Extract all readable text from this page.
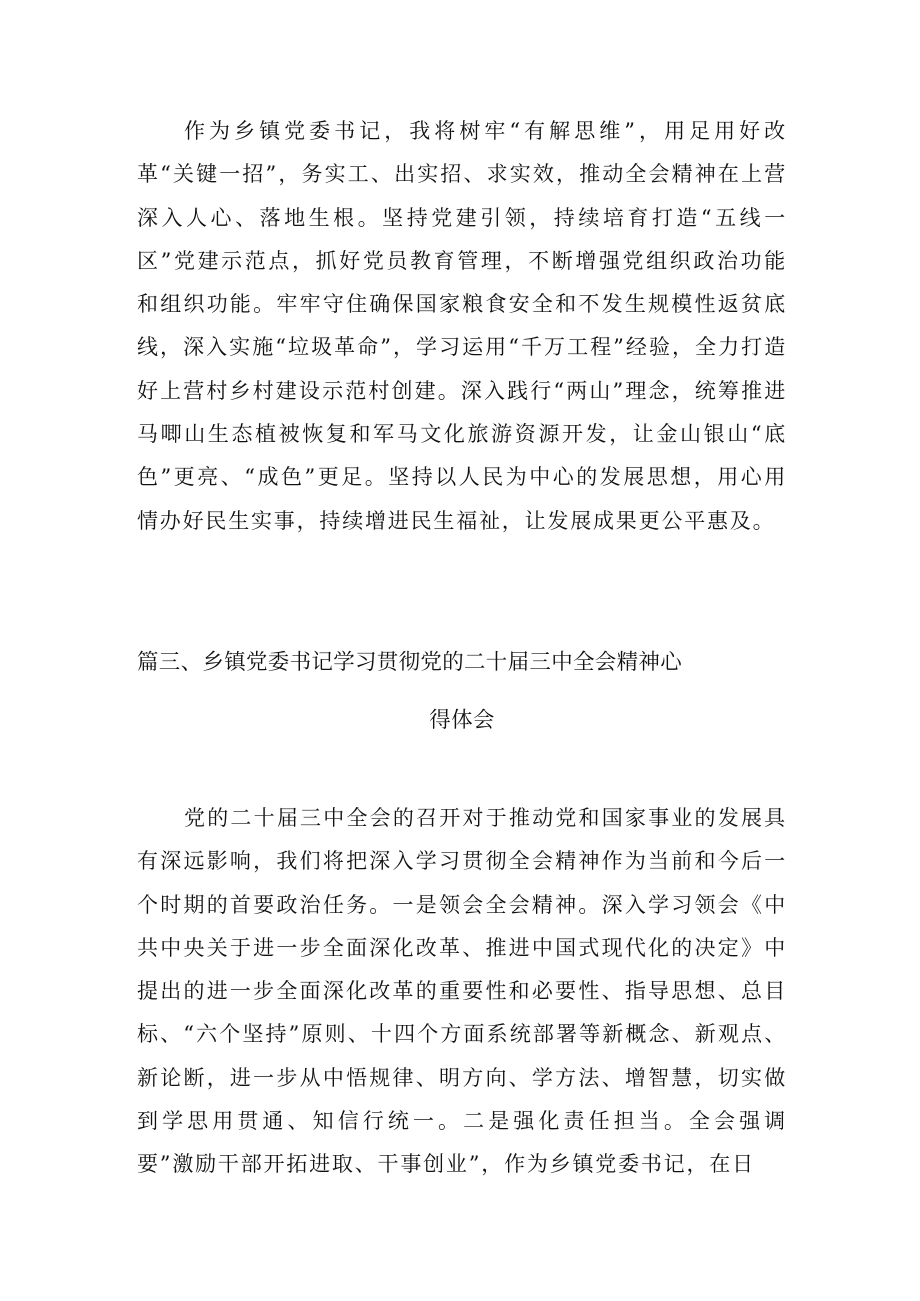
作为乡镇党委书记，我将树牢“有解思维”，用足用好改革“关键一招”，务实工、出实招、求实效，推动全会精神在上营深入人心、落地生根。坚持党建引领，持续培育打造“五线一区”党建示范点，抓好党员教育管理，不断增强党组织政治功能和组织功能。牢牢守住确保国家粮食安全和不发生规模性返贫底线，深入实施“垃圾革命”，学习运用“千万工程”经验，全力打造好上营村乡村建设示范村创建。深入践行“两山”理念，统筹推进马唧山生态植被恢复和军马文化旅游资源开发，让金山银山“底色”更亮、“成色”更足。坚持以人民为中心的发展思想，用心用情办好民生实事，持续增进民生福祉，让发展成果更公平惠及。

篇三、乡镇党委书记学习贯彻党的二十届三中全会精神心
得体会

党的二十届三中全会的召开对于推动党和国家事业的发展具有深远影响，我们将把深入学习贯彻全会精神作为当前和今后一个时期的首要政治任务。一是领会全会精神。深入学习领会《中共中央关于进一步全面深化改革、推进中国式现代化的决定》中提出的进一步全面深化改革的重要性和必要性、指导思想、总目标、“六个坚持”原则、十四个方面系统部署等新概念、新观点、新论断，进一步从中悟规律、明方向、学方法、增智慧，切实做到学思用贯通、知信行统一。二是强化责任担当。全会强调要”激励干部开拓进取、干事创业”，作为乡镇党委书记，在日
